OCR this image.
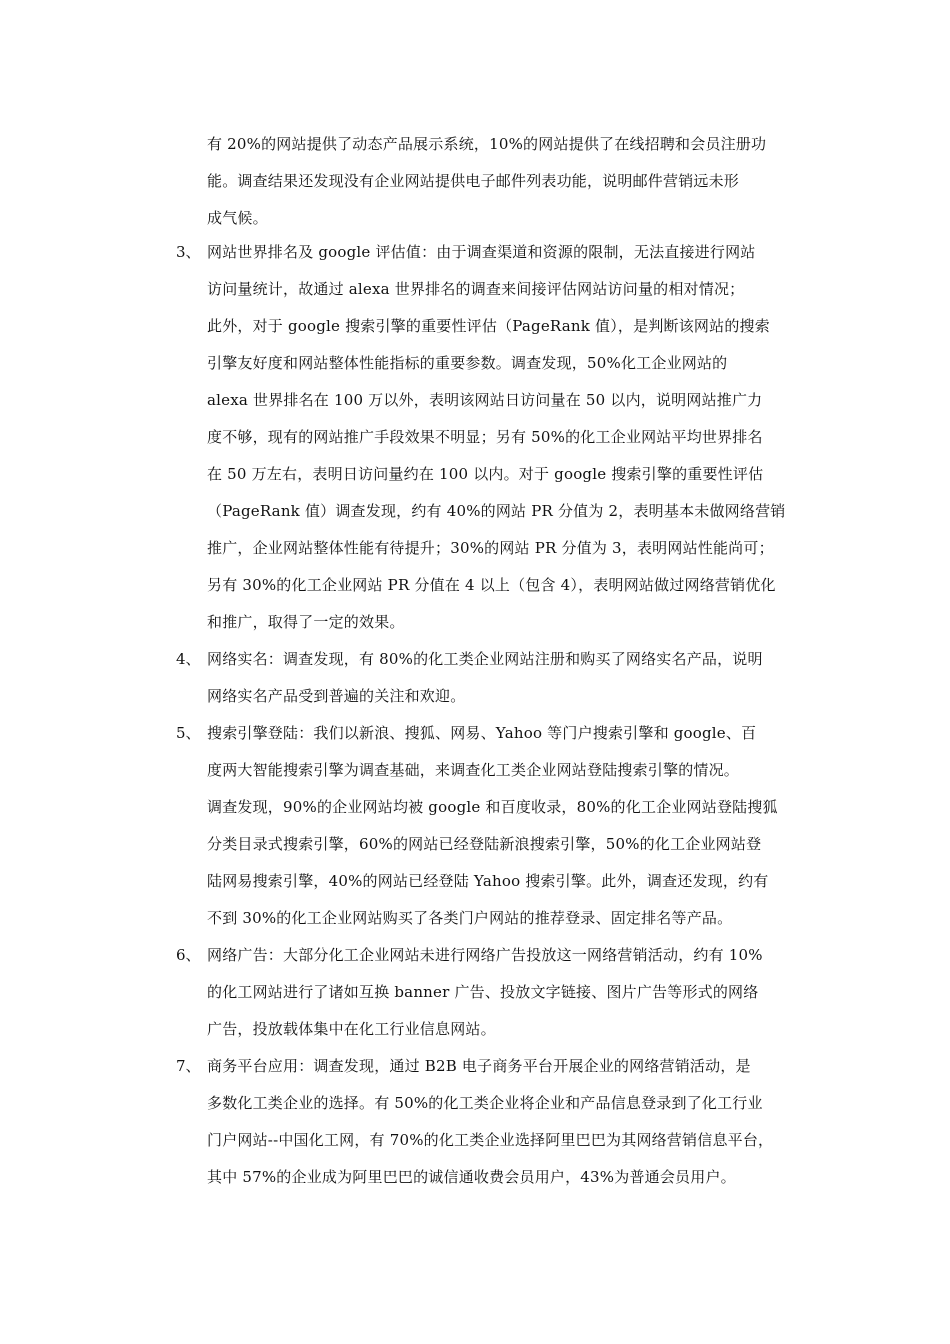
有 20%的网站提供了动态产品展示系统，10%的网站提供了在线招聘和会员注册功
能。调查结果还发现没有企业网站提供电子邮件列表功能，说明邮件营销远未形
成气候。
3、 网站世界排名及 google 评估值：由于调查渠道和资源的限制，无法直接进行网站
访问量统计，故通过 alexa 世界排名的调查来间接评估网站访问量的相对情况；
此外，对于 google 搜索引擎的重要性评估（PageRank 值），是判断该网站的搜索
引擎友好度和网站整体性能指标的重要参数。调查发现，50%化工企业网站的
alexa 世界排名在 100 万以外，表明该网站日访问量在 50 以内，说明网站推广力
度不够，现有的网站推广手段效果不明显；另有 50%的化工企业网站平均世界排名
在 50 万左右，表明日访问量约在 100 以内。对于 google 搜索引擎的重要性评估
（PageRank 值）调查发现，约有 40%的网站 PR 分值为 2，表明基本未做网络营销
推广，企业网站整体性能有待提升；30%的网站 PR 分值为 3，表明网站性能尚可；
另有 30%的化工企业网站 PR 分值在 4 以上（包含 4），表明网站做过网络营销优化
和推广，取得了一定的效果。
4、 网络实名：调查发现，有 80%的化工类企业网站注册和购买了网络实名产品，说明
网络实名产品受到普遍的关注和欢迎。
5、 搜索引擎登陆：我们以新浪、搜狐、网易、Yahoo 等门户搜索引擎和 google、百
度两大智能搜索引擎为调查基础，来调查化工类企业网站登陆搜索引擎的情况。
调查发现，90%的企业网站均被 google 和百度收录，80%的化工企业网站登陆搜狐
分类目录式搜索引擎，60%的网站已经登陆新浪搜索引擎，50%的化工企业网站登
陆网易搜索引擎，40%的网站已经登陆 Yahoo 搜索引擎。此外，调查还发现，约有
不到 30%的化工企业网站购买了各类门户网站的推荐登录、固定排名等产品。
6、 网络广告：大部分化工企业网站未进行网络广告投放这一网络营销活动，约有 10%
的化工网站进行了诸如互换 banner 广告、投放文字链接、图片广告等形式的网络
广告，投放载体集中在化工行业信息网站。
7、 商务平台应用：调查发现，通过 B2B 电子商务平台开展企业的网络营销活动，是
多数化工类企业的选择。有 50%的化工类企业将企业和产品信息登录到了化工行业
门户网站--中国化工网，有 70%的化工类企业选择阿里巴巴为其网络营销信息平台，
其中 57%的企业成为阿里巴巴的诚信通收费会员用户，43%为普通会员用户。
